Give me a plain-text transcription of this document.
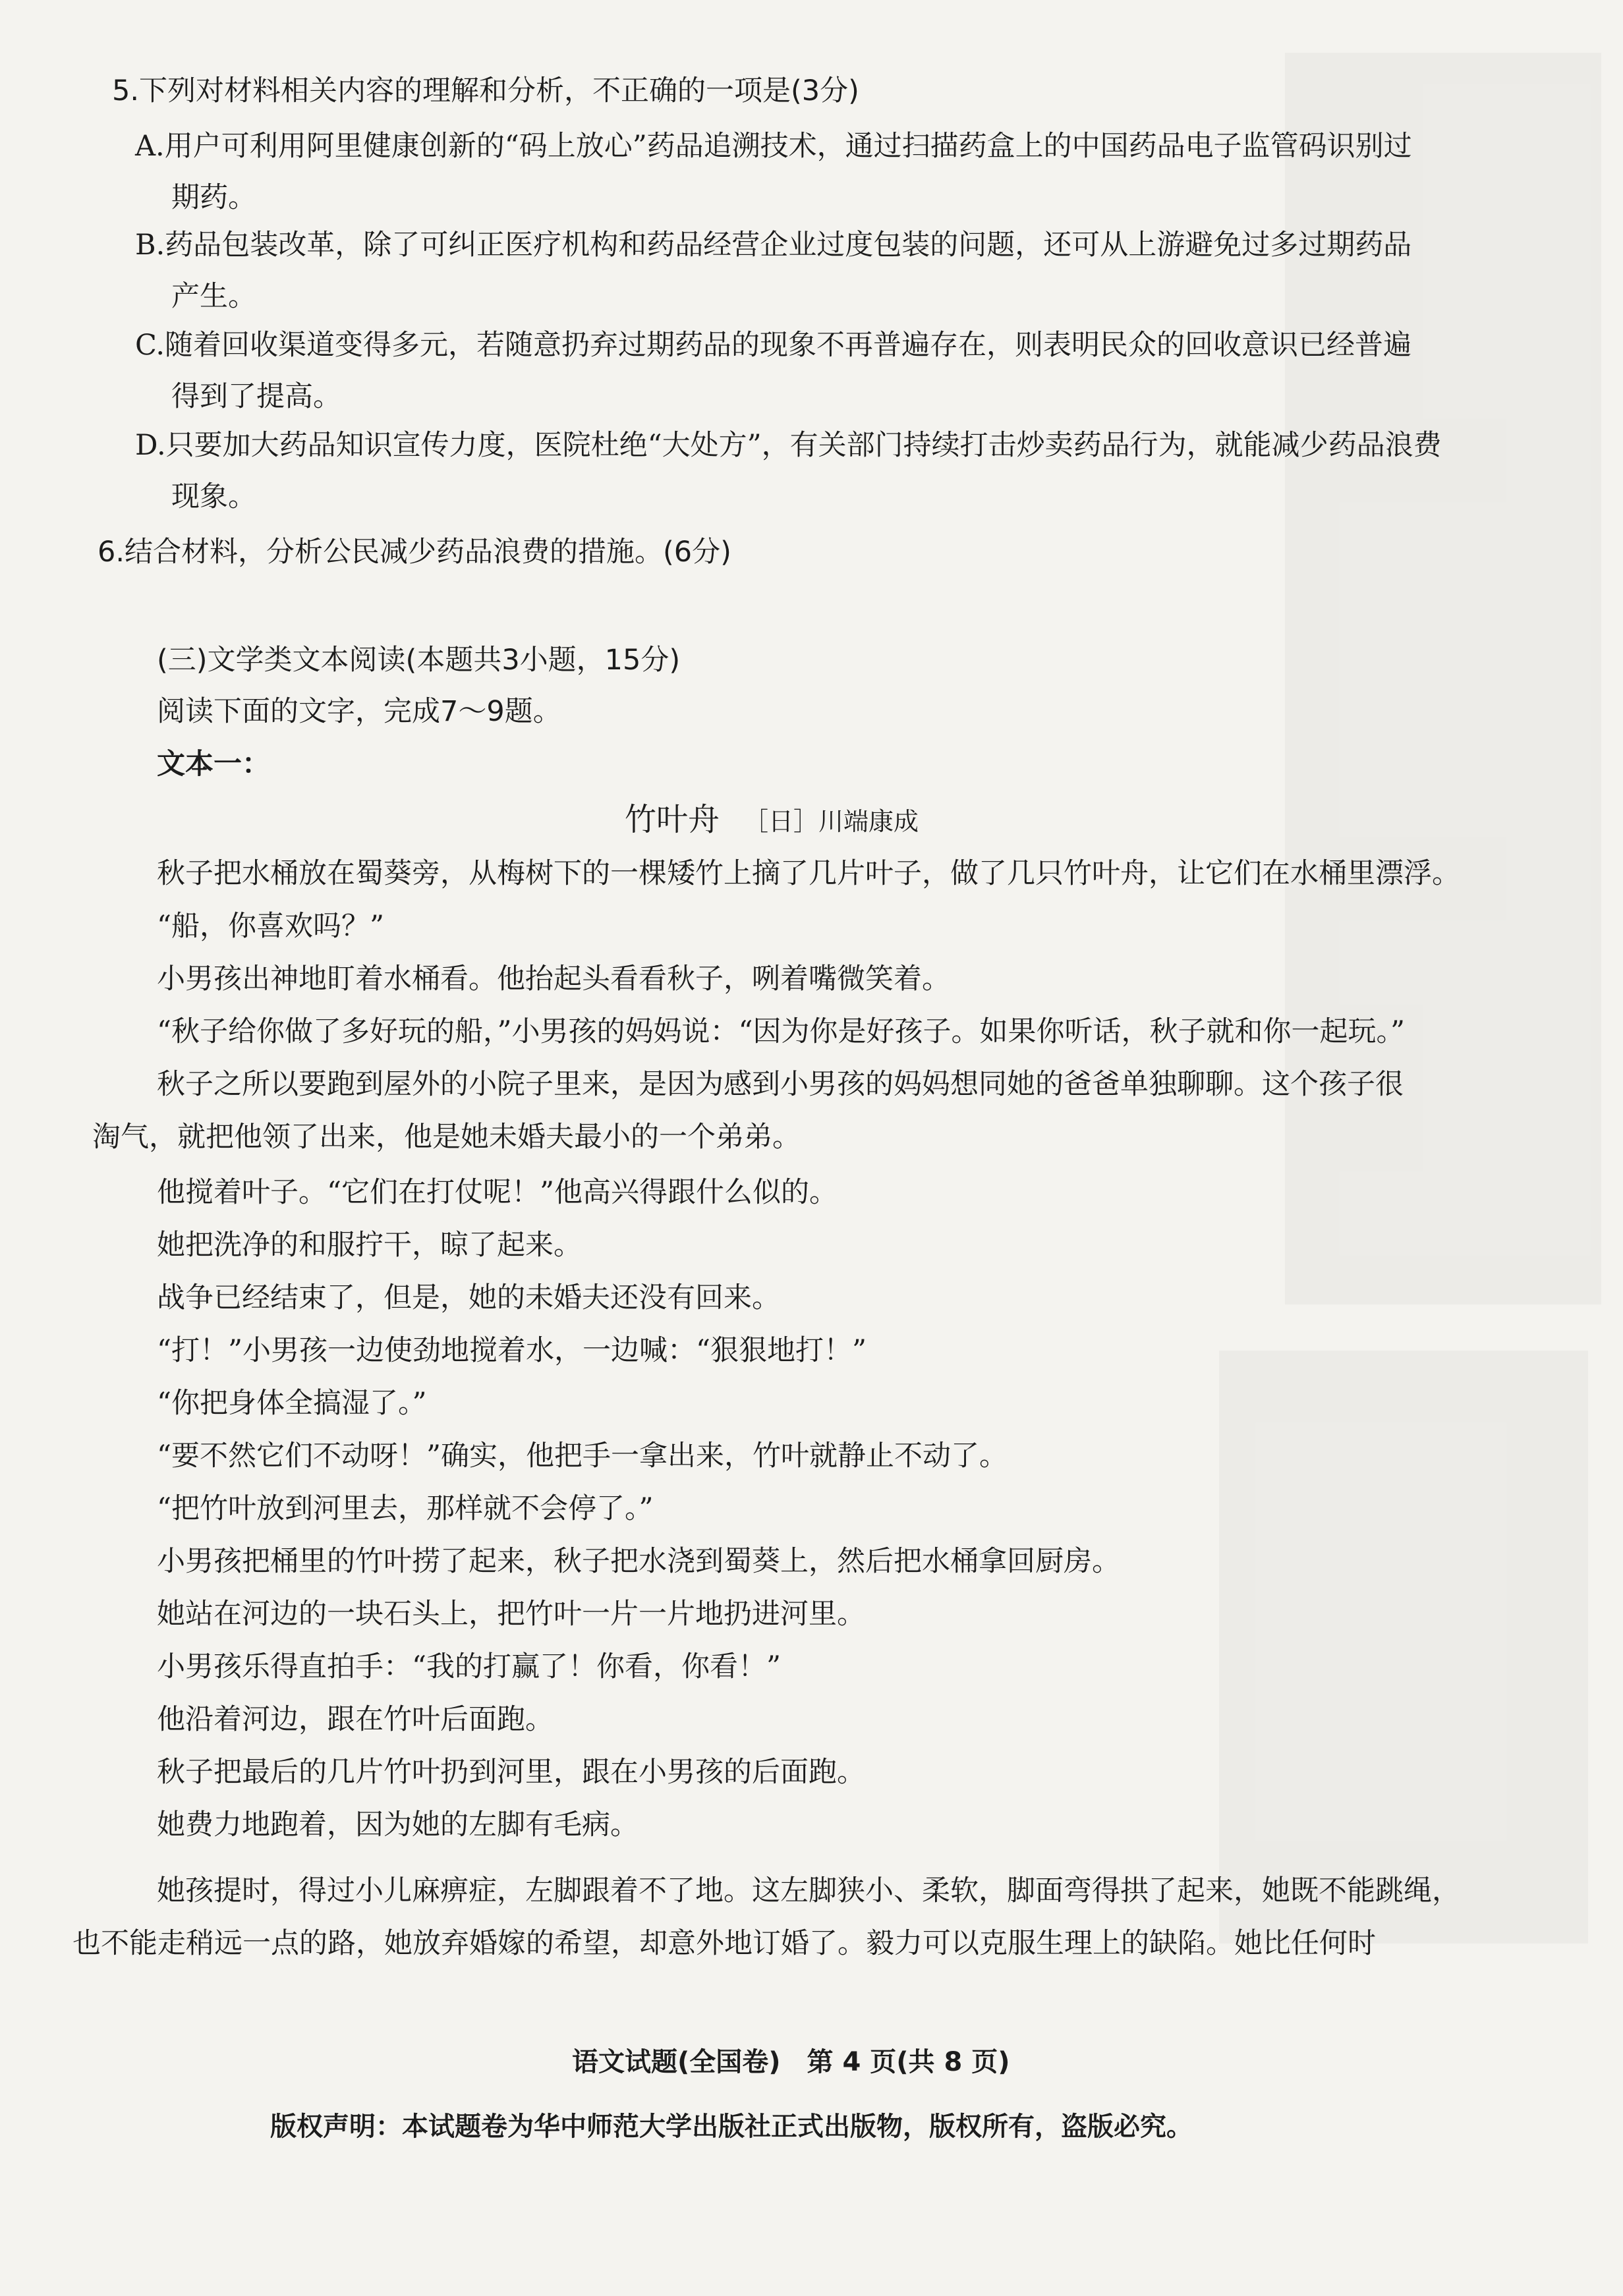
5.下列对材料相关内容的理解和分析，不正确的一项是(3分)
A.用户可利用阿里健康创新的“码上放心”药品追溯技术，通过扫描药盒上的中国药品电子监管码识别过
期药。
B.药品包装改革，除了可纠正医疗机构和药品经营企业过度包装的问题，还可从上游避免过多过期药品
产生。
C.随着回收渠道变得多元，若随意扔弃过期药品的现象不再普遍存在，则表明民众的回收意识已经普遍
得到了提高。
D.只要加大药品知识宣传力度，医院杜绝“大处方”，有关部门持续打击炒卖药品行为，就能减少药品浪费
现象。
6.结合材料，分析公民减少药品浪费的措施。(6分)
(三)文学类文本阅读(本题共3小题，15分)
阅读下面的文字，完成7～9题。
文本一：
竹叶舟 ［日］川端康成
秋子把水桶放在蜀葵旁，从梅树下的一棵矮竹上摘了几片叶子，做了几只竹叶舟，让它们在水桶里漂浮。
“船，你喜欢吗？”
小男孩出神地盯着水桶看。他抬起头看看秋子，咧着嘴微笑着。
“秋子给你做了多好玩的船，”小男孩的妈妈说：“因为你是好孩子。如果你听话，秋子就和你一起玩。”
秋子之所以要跑到屋外的小院子里来，是因为感到小男孩的妈妈想同她的爸爸单独聊聊。这个孩子很
淘气，就把他领了出来，他是她未婚夫最小的一个弟弟。
他搅着叶子。“它们在打仗呢！”他高兴得跟什么似的。
她把洗净的和服拧干，晾了起来。
战争已经结束了，但是，她的未婚夫还没有回来。
“打！”小男孩一边使劲地搅着水，一边喊：“狠狠地打！”
“你把身体全搞湿了。”
“要不然它们不动呀！”确实，他把手一拿出来，竹叶就静止不动了。
“把竹叶放到河里去，那样就不会停了。”
小男孩把桶里的竹叶捞了起来，秋子把水浇到蜀葵上，然后把水桶拿回厨房。
她站在河边的一块石头上，把竹叶一片一片地扔进河里。
小男孩乐得直拍手：“我的打赢了！你看，你看！”
他沿着河边，跟在竹叶后面跑。
秋子把最后的几片竹叶扔到河里，跟在小男孩的后面跑。
她费力地跑着，因为她的左脚有毛病。
她孩提时，得过小儿麻痹症，左脚跟着不了地。这左脚狭小、柔软，脚面弯得拱了起来，她既不能跳绳，
也不能走稍远一点的路，她放弃婚嫁的希望，却意外地订婚了。毅力可以克服生理上的缺陷。她比任何时
语文试题(全国卷)　第 4 页(共 8 页)
版权声明：本试题卷为华中师范大学出版社正式出版物，版权所有，盗版必究。
